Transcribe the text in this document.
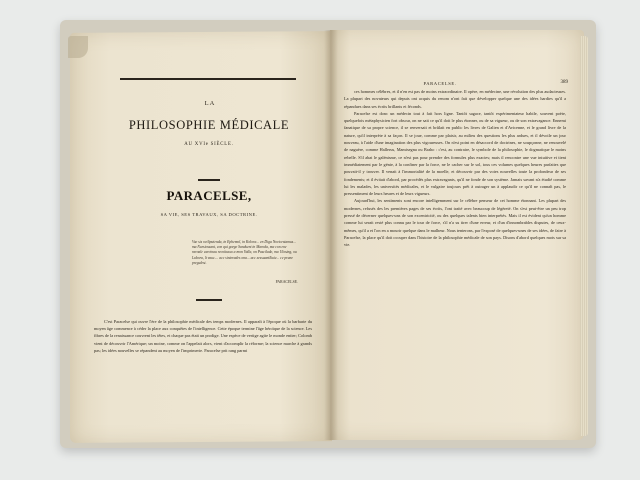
LA
PHILOSOPHIE MÉDICALE
AU XVIe SIÈCLE.
PARACELSE,
SA VIE, SES TRAVAUX, SA DOCTRINE.
Vae sis ovilipuienda, in Ephemol, in Kolora... en Diga Novicestamus... ma Nursiossant, con qui gorge Sandsent in Maroda, ma con ene raroale carcinau recoitusso a mon Valla, on Pascilade, ma Ulosing, ou Lubora, lt vauc.... acc sinterades ona... acc xessuanilkuie... ce prune pregulest.
PARACELSE.

C'est Paracelse qui ouvre l'ère de la philosophie médicale des temps modernes. Il apparaît à l'époque où la barbarie du moyen âge commence à céder la place aux conquêtes de l'intelligence. Cette époque termine l'âge héroïque de la science. Les fibres de la renaissance couvrent les têtes, et chaque pas était un prodige. Une espèce de vertige agite le monde entier; Colomb vient de découvrir l'Amérique; un moine, comme on l'appelait alors, vient d'accomplir la réforme; la science marche à grands pas; les idées nouvelles se répandent au moyen de l'imprimerie. Paracelse prit rang parmi

PARACELSE.	389

ces hommes célèbres, et il n'en est pas de moins extraordinaire. Il opère, en médecine, une révolution des plus audacieuses. La plupart des novateurs qui depuis ont acquis du renom n'ont fait que développer quelque une des idées hardies qu'il a répandues dans ses écrits brillants et féconds.

Paracelse est donc un médecin tout à fait hors ligne. Tantôt sagace, tantôt expérimentateur habile, souvent poète, quelquefois métaphysicien fort obscur, on ne sait ce qu'il doit le plus étonner, ou de sa vigueur, ou de son extravagance. Ennemi fanatique de sa propre science, il se renversait et brûlait en public les livres de Galien et d'Avicenne, et le grand livre de la nature, qu'il interprète à sa façon. Il se joue, comme par plaisir, au milieu des questions les plus ardues, et il dévoile un jour nouveau, à l'aide d'une imagination des plus vigoureuses. On n'est point en désaccord de doctrines, ne soupçonne, ne renouvelé de naguère, comme Hallerus, Mamisegna ou Braho : c'est, au contraire, le symbole de la philosophie, le dogmatique le moins rebelle. S'il abat le galénisme, ce n'est pas pour prendre des formules plus exactes; mais il rencontre une vue intuitive et tient immédiatement par le génie, à la confiner par la force, ne le cacher sur le sol, tous ces volumes quelques heures parfaites que pouvait-il y trouver. Il venait à l'immortalité de la moelle, et découvrir par des voies nouvelles toute la profondeur de ses fondements; et il évitait d'abord, par procédés plus extravagants, qu'il ne fonde de son système. Jamais savant n'a étudié comme lui les malades, les universités médicales, et le vulgaire toujours prêt à outrager un à applaudir ce qu'il ne connaît pas, le pressentiment de leurs heures et de leurs vigueurs.

Aujourd'hui, les sentiments sont encore intelligemment sur le célèbre penseur de cet homme étonnant. Les plupart des modernes, refusés des les premières pages de ses écrits, l'ont traité avec beaucoup de légèreté. On s'est peut-être un peu trop pressé de décerner quelques-uns de son excentricité, ou des quelques talents bien interprétés. Mais il est évident qu'un homme comme lui serait resté plus connu par le tour de force, s'il n'a su tirer d'une erreur, et d'un d'innombrables disputes, de ceux-mêmes, qu'il a et l'on en a mourir quelque dans le malheur. Nous tenterons, par l'exposé de quelques-unes de ses idées, de faire à Paracelse, la place qu'il doit occuper dans l'histoire de la philosophie médicale de son pays. Disons d'abord quelques mots sur sa vie.
